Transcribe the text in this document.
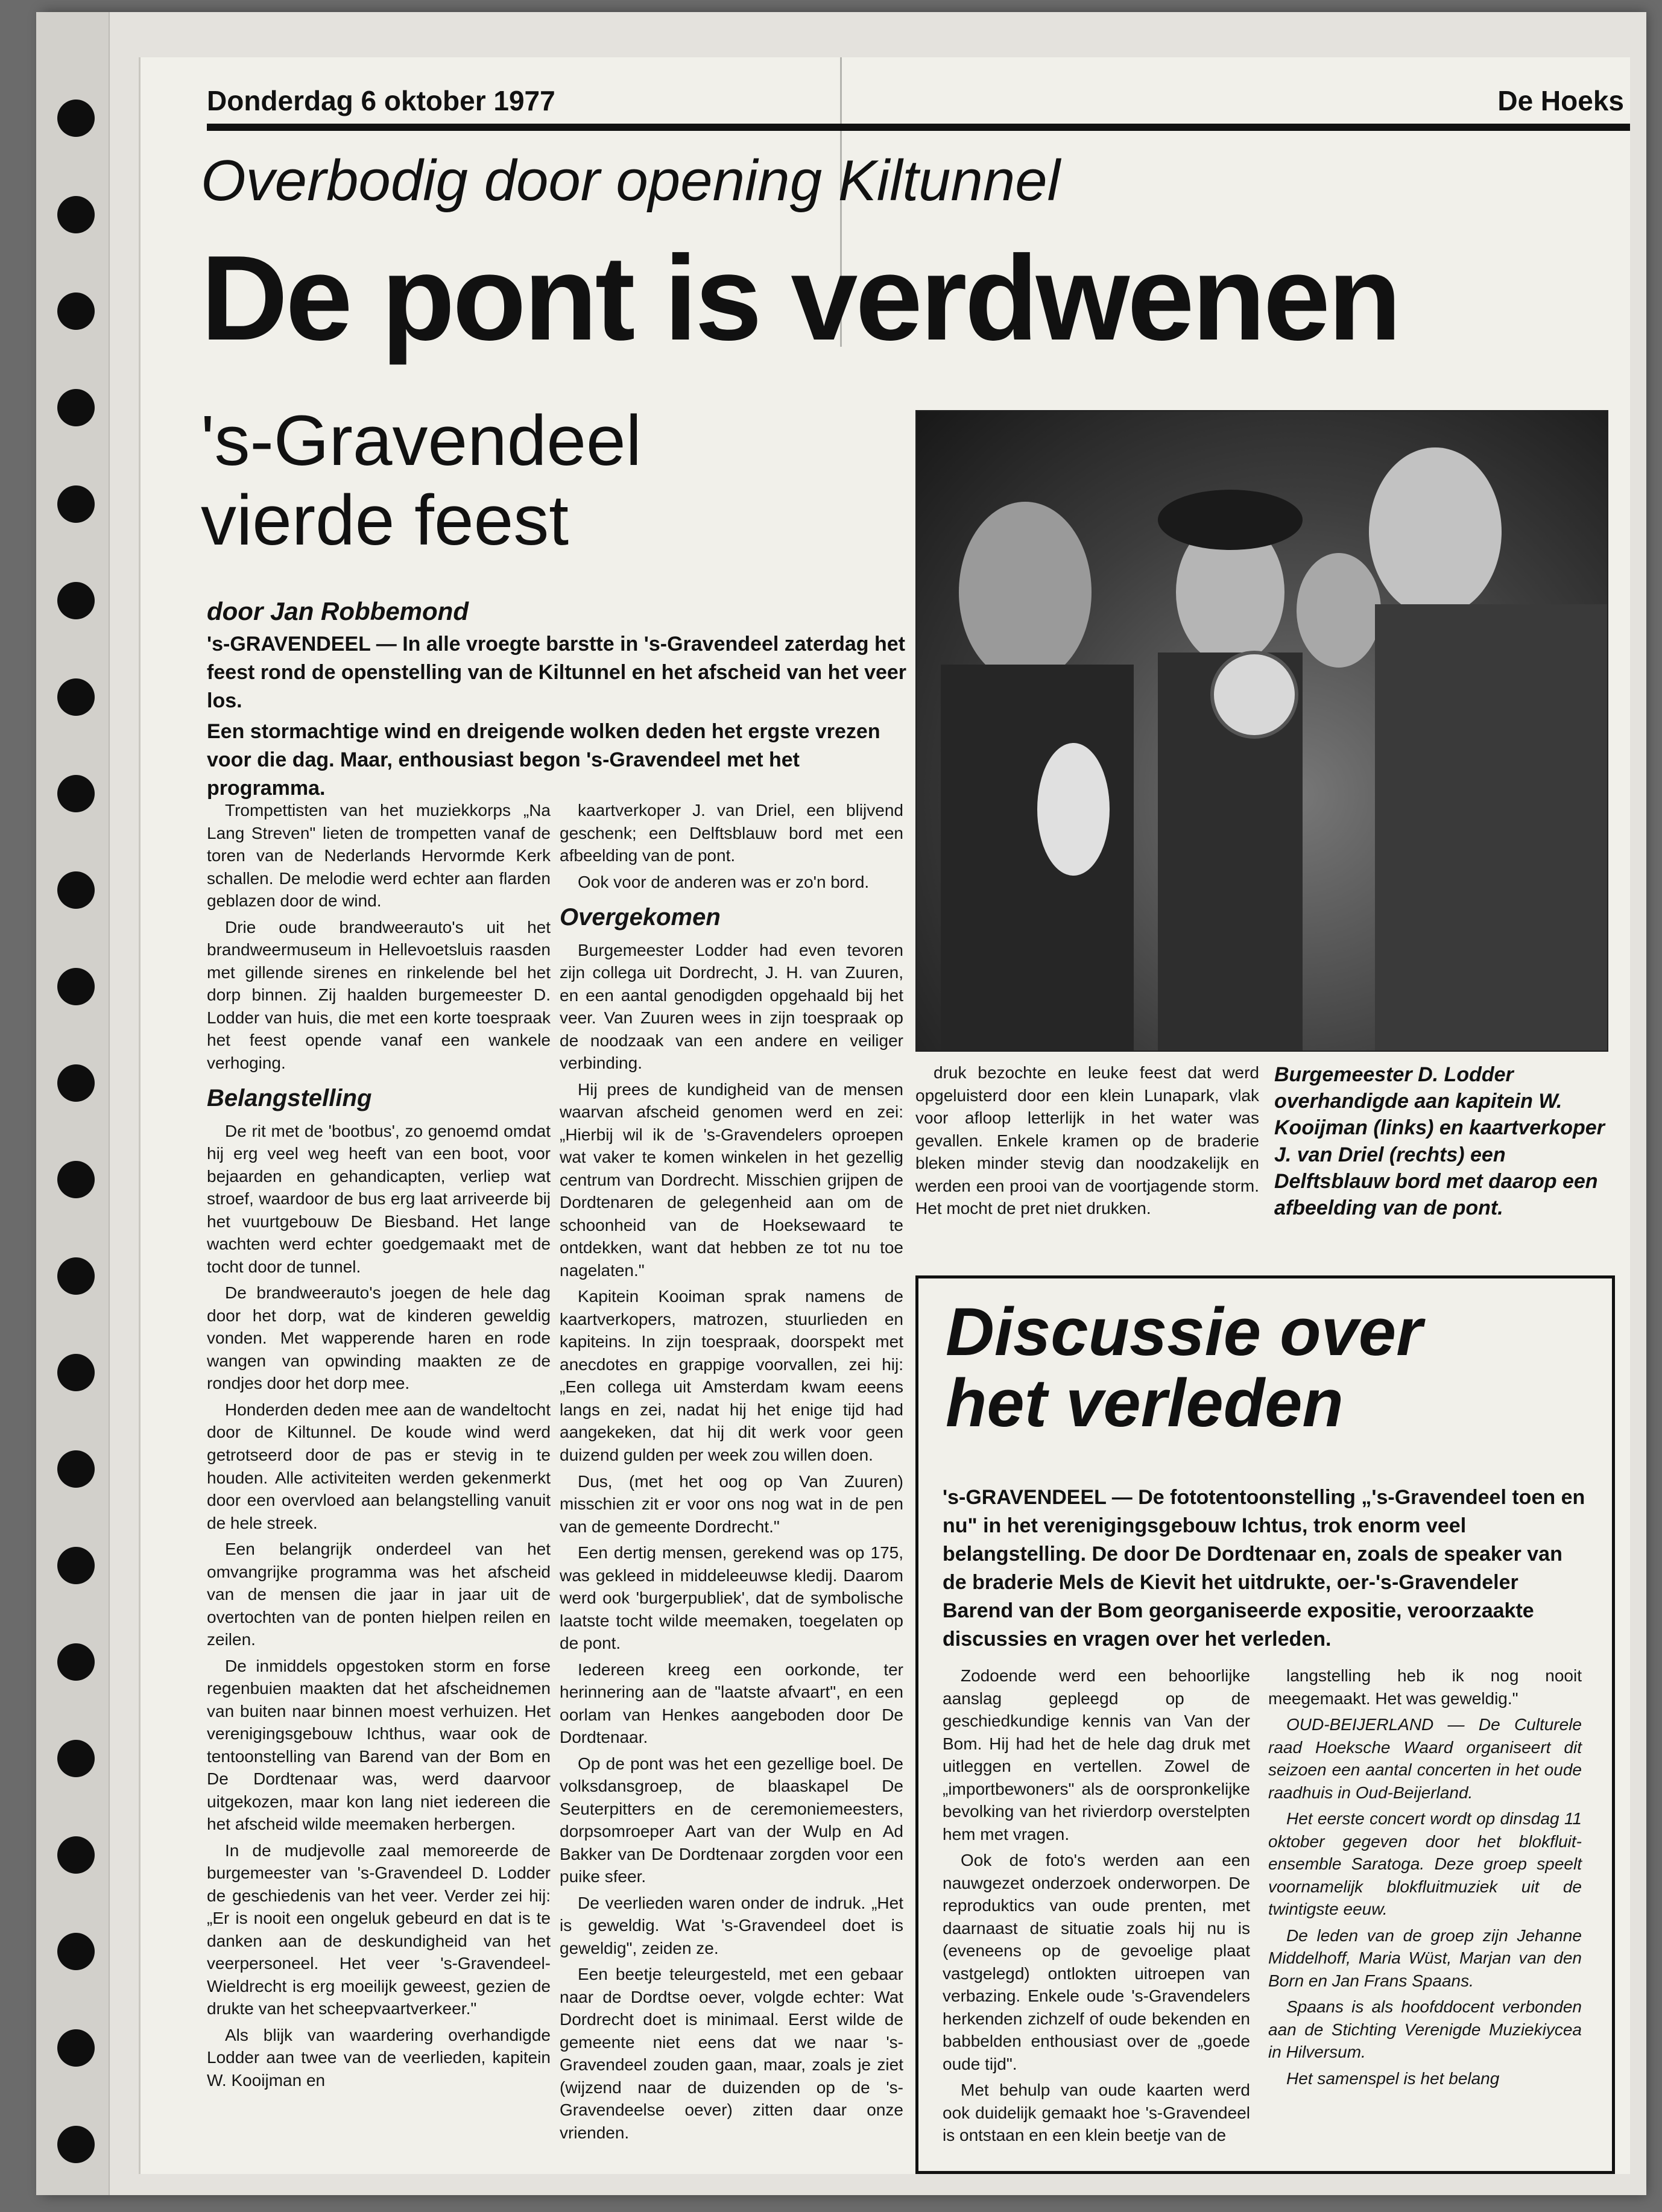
Donderdag 6 oktober 1977	De Hoeks
Overbodig door opening Kiltunnel
De pont is verdwenen
's-Gravendeel
vierde feest
door Jan Robbemond

's-GRAVENDEEL — In alle vroegte barstte in 's-Gravendeel zaterdag het feest rond de openstelling van de Kiltunnel en het afscheid van het veer los.

Een stormachtige wind en dreigende wolken deden het ergste vrezen voor die dag. Maar, enthousiast begon 's-Gravendeel met het programma.

Trompettisten van het muziekkorps „Na Lang Streven" lieten de trompetten vanaf de toren van de Nederlands Hervormde Kerk schallen. De melodie werd echter aan flarden geblazen door de wind.

Drie oude brandweerauto's uit het brandweermuseum in Hellevoetsluis raasden met gillende sirenes en rinkelende bel het dorp binnen. Zij haalden burgemeester D. Lodder van huis, die met een korte toespraak het feest opende vanaf een wankele verhoging.

Belangstelling

De rit met de 'bootbus', zo genoemd omdat hij erg veel weg heeft van een boot, voor bejaarden en gehandicapten, verliep wat stroef, waardoor de bus erg laat arriveerde bij het vuurtgebouw De Biesband. Het lange wachten werd echter goedgemaakt met de tocht door de tunnel.

De brandweerauto's joegen de hele dag door het dorp, wat de kinderen geweldig vonden. Met wapperende haren en rode wangen van opwinding maakten ze de rondjes door het dorp mee.

Honderden deden mee aan de wandeltocht door de Kiltunnel. De koude wind werd getrotseerd door de pas er stevig in te houden. Alle activiteiten werden gekenmerkt door een overvloed aan belangstelling vanuit de hele streek.

Een belangrijk onderdeel van het omvangrijke programma was het afscheid van de mensen die jaar in jaar uit de overtochten van de ponten hielpen reilen en zeilen.

De inmiddels opgestoken storm en forse regenbuien maakten dat het afscheidnemen van buiten naar binnen moest verhuizen. Het verenigingsgebouw Ichthus, waar ook de tentoonstelling van Barend van der Bom en De Dordtenaar was, werd daarvoor uitgekozen, maar kon lang niet iedereen die het afscheid wilde meemaken herbergen.

In de mudjevolle zaal memoreerde de burgemeester van 's-Gravendeel D. Lodder de geschiedenis van het veer. Verder zei hij: „Er is nooit een ongeluk gebeurd en dat is te danken aan de deskundigheid van het veerpersoneel. Het veer 's-Gravendeel-Wieldrecht is erg moeilijk geweest, gezien de drukte van het scheepvaartverkeer."

Als blijk van waardering overhandigde Lodder aan twee van de veerlieden, kapitein W. Kooijman en

kaartverkoper J. van Driel, een blijvend geschenk; een Delftsblauw bord met een afbeelding van de pont.

Ook voor de anderen was er zo'n bord.

Overgekomen

Burgemeester Lodder had even tevoren zijn collega uit Dordrecht, J. H. van Zuuren, en een aantal genodigden opgehaald bij het veer. Van Zuuren wees in zijn toespraak op de noodzaak van een andere en veiliger verbinding.

Hij prees de kundigheid van de mensen waarvan afscheid genomen werd en zei: „Hierbij wil ik de 's-Gravendelers oproepen wat vaker te komen winkelen in het gezellig centrum van Dordrecht. Misschien grijpen de Dordtenaren de gelegenheid aan om de schoonheid van de Hoeksewaard te ontdekken, want dat hebben ze tot nu toe nagelaten."

Kapitein Kooiman sprak namens de kaartverkopers, matrozen, stuurlieden en kapiteins. In zijn toespraak, doorspekt met anecdotes en grappige voorvallen, zei hij: „Een collega uit Amsterdam kwam eeens langs en zei, nadat hij het enige tijd had aangekeken, dat hij dit werk voor geen duizend gulden per week zou willen doen.

Dus, (met het oog op Van Zuuren) misschien zit er voor ons nog wat in de pen van de gemeente Dordrecht."

Een dertig mensen, gerekend was op 175, was gekleed in middeleeuwse kledij. Daarom werd ook 'burgerpubliek', dat de symbolische laatste tocht wilde meemaken, toegelaten op de pont.

Iedereen kreeg een oorkonde, ter herinnering aan de "laatste afvaart", en een oorlam van Henkes aangeboden door De Dordtenaar.

Op de pont was het een gezellige boel. De volksdansgroep, de blaaskapel De Seuterpitters en de ceremoniemeesters, dorpsomroeper Aart van der Wulp en Ad Bakker van De Dordtenaar zorgden voor een puike sfeer.

De veerlieden waren onder de indruk. „Het is geweldig. Wat 's-Gravendeel doet is geweldig", zeiden ze.

Een beetje teleurgesteld, met een gebaar naar de Dordtse oever, volgde echter: Wat Dordrecht doet is minimaal. Eerst wilde de gemeente niet eens dat we naar 's-Gravendeel zouden gaan, maar, zoals je ziet (wijzend naar de duizenden op de 's-Gravendeelse oever) zitten daar onze vrienden.

druk bezochte en leuke feest dat werd opgeluisterd door een klein Lunapark, vlak voor afloop letterlijk in het water was gevallen. Enkele kramen op de braderie bleken minder stevig dan noodzakelijk en werden een prooi van de voortjagende storm. Het mocht de pret niet drukken.

Burgemeester D. Lodder overhandigde aan kapitein W. Kooijman (links) en kaartverkoper J. van Driel (rechts) een Delftsblauw bord met daarop een afbeelding van de pont.
Discussie over
het verleden

's-GRAVENDEEL — De fototentoonstelling „'s-Gravendeel toen en nu" in het verenigingsgebouw Ichtus, trok enorm veel belangstelling. De door De Dordtenaar en, zoals de speaker van de braderie Mels de Kievit het uitdrukte, oer-'s-Gravendeler Barend van der Bom georganiseerde expositie, veroorzaakte discussies en vragen over het verleden.

Zodoende werd een behoorlijke aanslag gepleegd op de geschiedkundige kennis van Van der Bom. Hij had het de hele dag druk met uitleggen en vertellen. Zowel de „importbewoners" als de oorspronkelijke bevolking van het rivierdorp overstelpten hem met vragen.

Ook de foto's werden aan een nauwgezet onderzoek onderworpen. De reproduktics van oude prenten, met daarnaast de situatie zoals hij nu is (eveneens op de gevoelige plaat vastgelegd) ontlokten uitroepen van verbazing. Enkele oude 's-Gravendelers herkenden zichzelf of oude bekenden en babbelden enthousiast over de „goede oude tijd".

Met behulp van oude kaarten werd ook duidelijk gemaakt hoe 's-Gravendeel is ontstaan en een klein beetje van de

langstelling heb ik nog nooit meegemaakt. Het was geweldig."

OUD-BEIJERLAND — De Culturele raad Hoeksche Waard organiseert dit seizoen een aantal concerten in het oude raadhuis in Oud-Beijerland.

Het eerste concert wordt op dinsdag 11 oktober gegeven door het blokfluit-ensemble Saratoga. Deze groep speelt voornamelijk blokfluitmuziek uit de twintigste eeuw.

De leden van de groep zijn Jehanne Middelhoff, Maria Wüst, Marjan van den Born en Jan Frans Spaans.

Spaans is als hoofddocent verbonden aan de Stichting Verenigde Muziekiycea in Hilversum.

Het samenspel is het belang
